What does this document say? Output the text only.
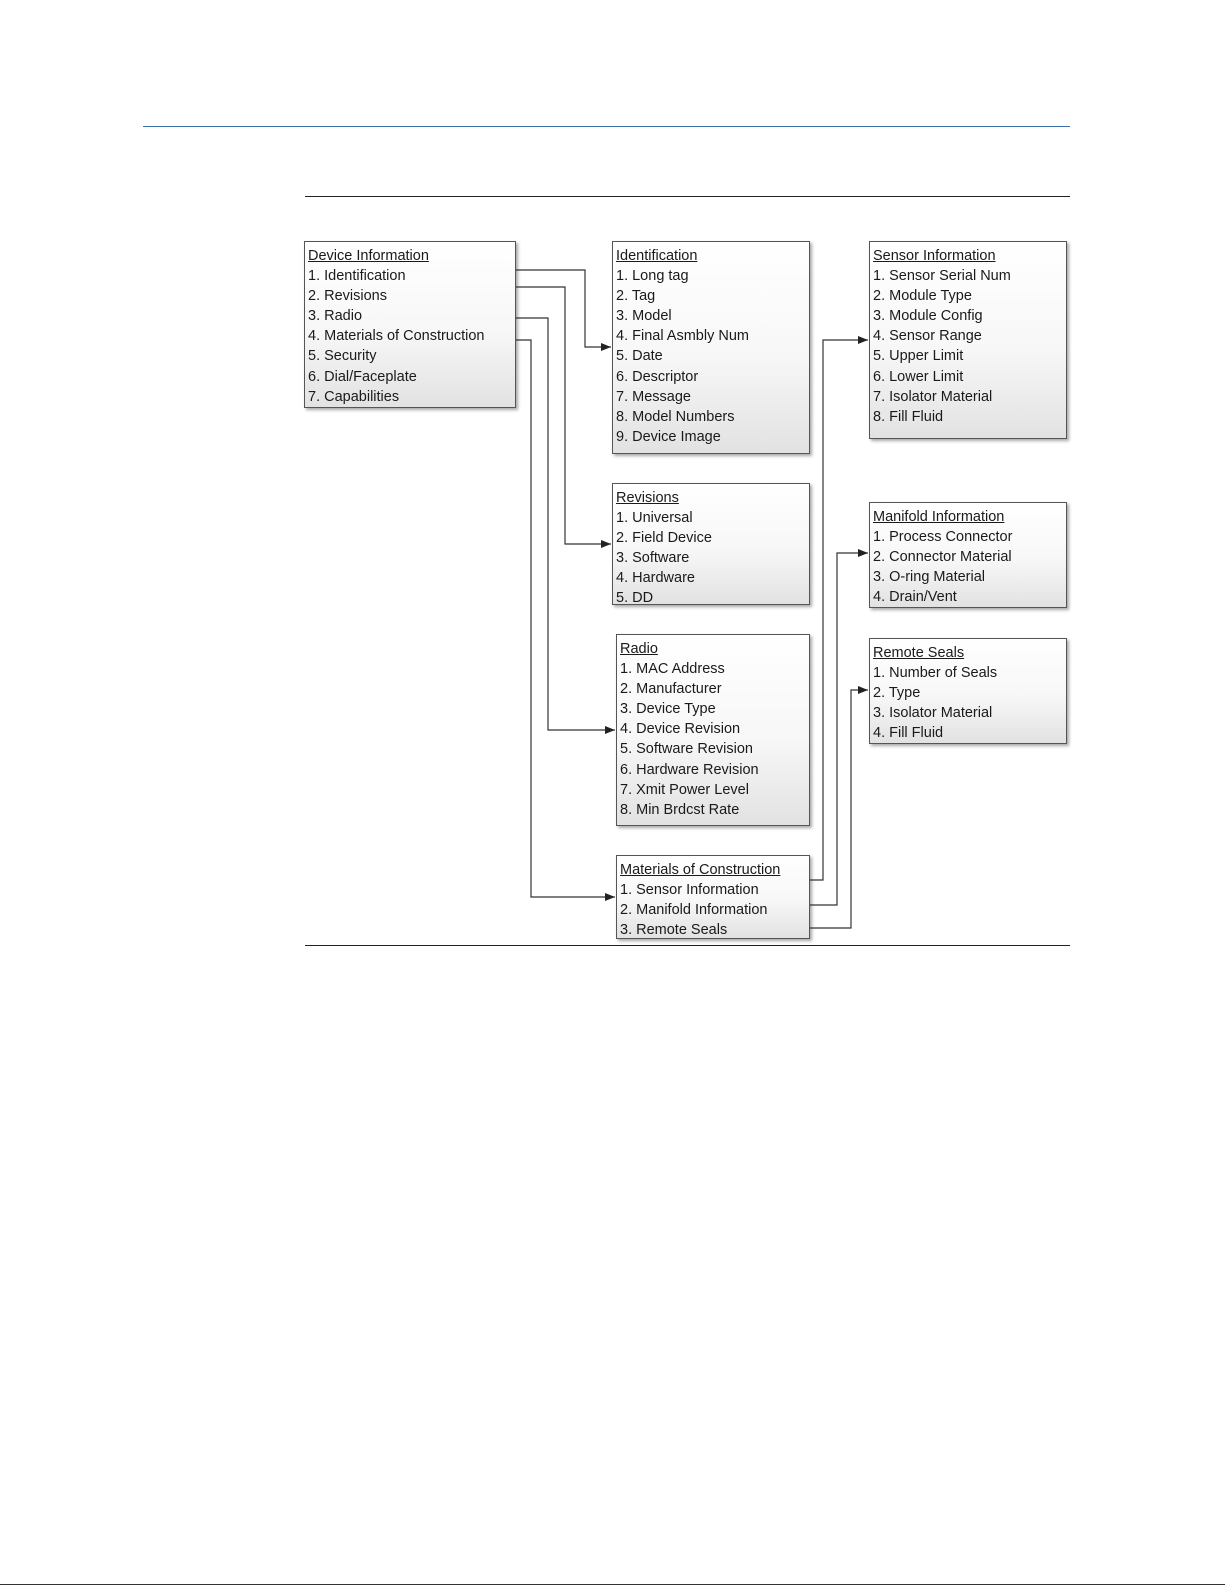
Device Information
1. Identification
2. Revisions
3. Radio
4. Materials of Construction
5. Security
6. Dial/Faceplate
7. Capabilities
Identification
1. Long tag
2. Tag
3. Model
4. Final Asmbly Num
5. Date
6. Descriptor
7. Message
8. Model Numbers
9. Device Image
Revisions
1. Universal
2. Field Device
3. Software
4. Hardware
5. DD
Radio
1. MAC Address
2. Manufacturer
3. Device Type
4. Device Revision
5. Software Revision
6. Hardware Revision
7. Xmit Power Level
8. Min Brdcst Rate
Materials of Construction
1. Sensor Information
2. Manifold Information
3. Remote Seals
Sensor Information
1. Sensor Serial Num
2. Module Type
3. Module Config
4. Sensor Range
5. Upper Limit
6. Lower Limit
7. Isolator Material
8. Fill Fluid
Manifold Information
1. Process Connector
2. Connector Material
3. O-ring Material
4. Drain/Vent
Remote Seals
1. Number of Seals
2. Type
3. Isolator Material
4. Fill Fluid
